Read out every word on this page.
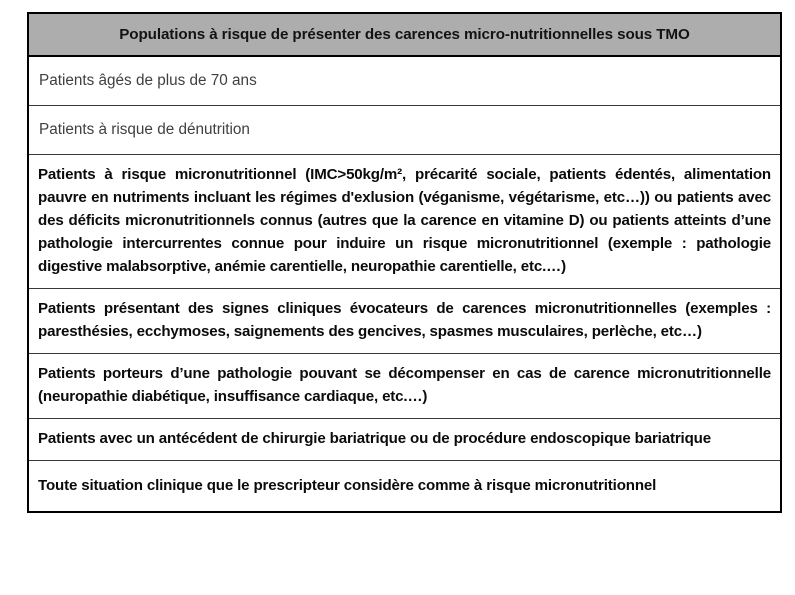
Populations à risque de présenter des carences micro-nutritionnelles sous TMO
Patients âgés de plus de 70 ans
Patients à risque de dénutrition
Patients à risque micronutritionnel (IMC>50kg/m², précarité sociale, patients édentés, alimentation pauvre en nutriments incluant les régimes d'exlusion (véganisme, végétarisme, etc…)) ou patients avec des déficits micronutritionnels connus (autres que la carence en vitamine D) ou patients atteints d’une pathologie intercurrentes connue pour induire un risque micronutritionnel (exemple : pathologie digestive malabsorptive, anémie carentielle, neuropathie carentielle, etc.…)
Patients présentant des signes cliniques évocateurs de carences micronutritionnelles (exemples : paresthésies, ecchymoses, saignements des gencives, spasmes musculaires, perlèche, etc…)
Patients porteurs d’une pathologie pouvant se décompenser en cas de carence micronutritionnelle (neuropathie diabétique, insuffisance cardiaque, etc.…)
Patients avec un antécédent de chirurgie bariatrique ou de procédure endoscopique bariatrique
Toute situation clinique que le prescripteur considère comme à risque micronutritionnel
